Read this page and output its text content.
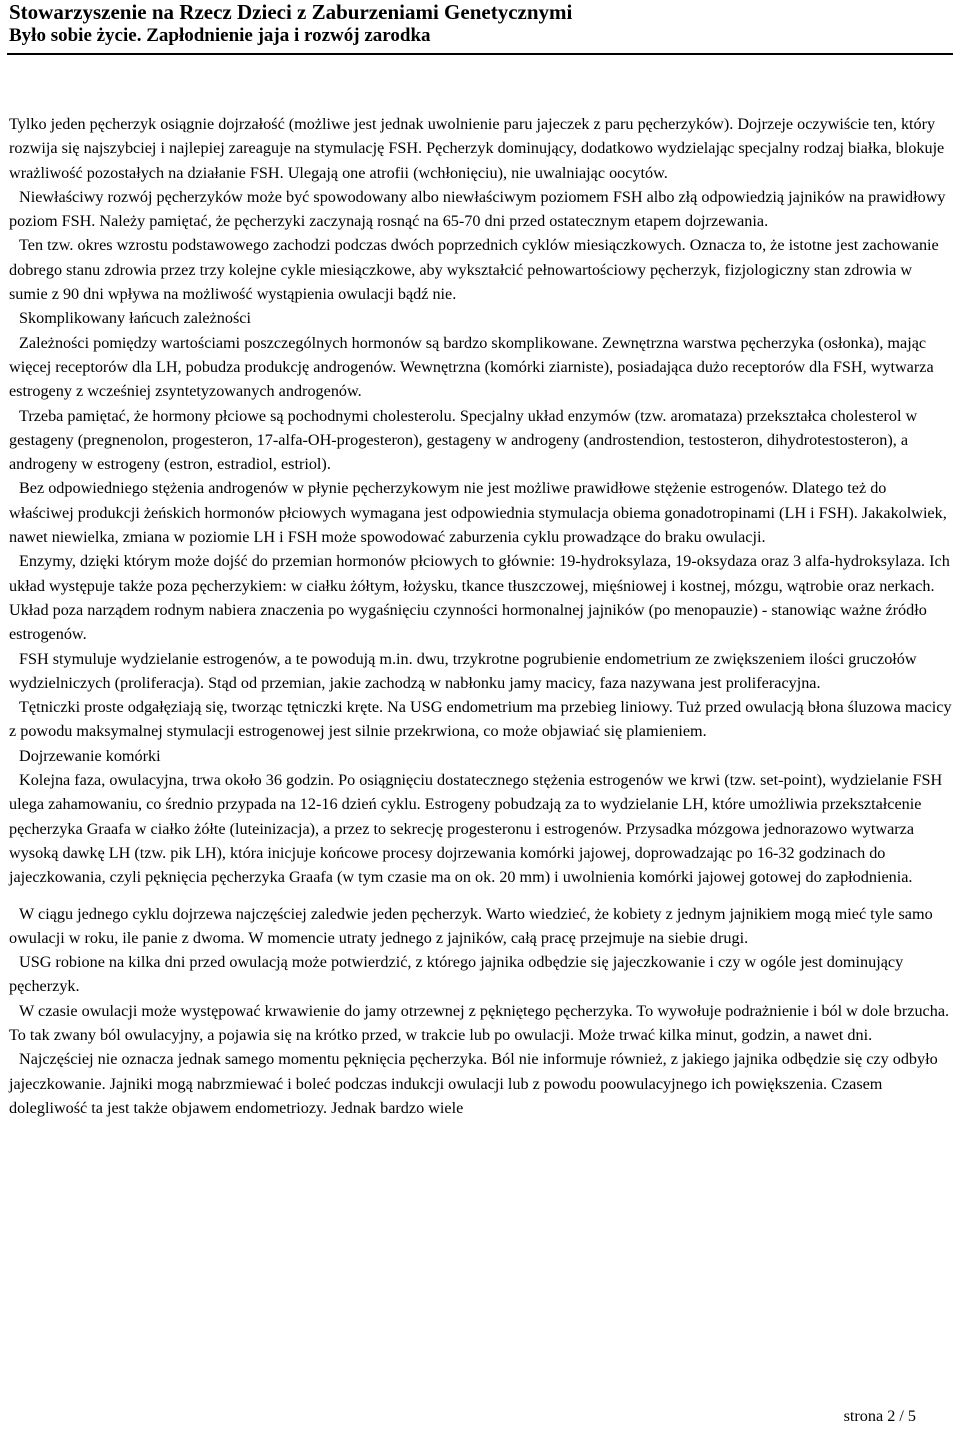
Stowarzyszenie na Rzecz Dzieci z Zaburzeniami Genetycznymi
Było sobie życie. Zapłodnienie jaja i rozwój zarodka

Tylko jeden pęcherzyk osiągnie dojrzałość (możliwe jest jednak uwolnienie paru jajeczek z paru pęcherzyków). Dojrzeje oczywiście ten, który rozwija się najszybciej i najlepiej zareaguje na stymulację FSH. Pęcherzyk dominujący, dodatkowo wydzielając specjalny rodzaj białka, blokuje wrażliwość pozostałych na działanie FSH. Ulegają one atrofii (wchłonięciu), nie uwalniając oocytów.

Niewłaściwy rozwój pęcherzyków może być spowodowany albo niewłaściwym poziomem FSH albo złą odpowiedzią jajników na prawidłowy poziom FSH. Należy pamiętać, że pęcherzyki zaczynają rosnąć na 65-70 dni przed ostatecznym etapem dojrzewania.

Ten tzw. okres wzrostu podstawowego zachodzi podczas dwóch poprzednich cyklów miesiączkowych. Oznacza to, że istotne jest zachowanie dobrego stanu zdrowia przez trzy kolejne cykle miesiączkowe, aby wykształcić pełnowartościowy pęcherzyk, fizjologiczny stan zdrowia w sumie z 90 dni wpływa na możliwość wystąpienia owulacji bądź nie.

Skomplikowany łańcuch zależności

Zależności pomiędzy wartościami poszczególnych hormonów są bardzo skomplikowane. Zewnętrzna warstwa pęcherzyka (osłonka), mając więcej receptorów dla LH, pobudza produkcję androgenów. Wewnętrzna (komórki ziarniste), posiadająca dużo receptorów dla FSH, wytwarza estrogeny z wcześniej zsyntetyzowanych androgenów.

Trzeba pamiętać, że hormony płciowe są pochodnymi cholesterolu. Specjalny układ enzymów (tzw. aromataza) przekształca cholesterol w gestageny (pregnenolon, progesteron, 17-alfa-OH-progesteron), gestageny w androgeny (androstendion, testosteron, dihydrotestosteron), a androgeny w estrogeny (estron, estradiol, estriol).

Bez odpowiedniego stężenia androgenów w płynie pęcherzykowym nie jest możliwe prawidłowe stężenie estrogenów. Dlatego też do właściwej produkcji żeńskich hormonów płciowych wymagana jest odpowiednia stymulacja obiema gonadotropinami (LH i FSH). Jakakolwiek, nawet niewielka, zmiana w poziomie LH i FSH może spowodować zaburzenia cyklu prowadzące do braku owulacji.

Enzymy, dzięki którym może dojść do przemian hormonów płciowych to głównie: 19-hydroksylaza, 19-oksydaza oraz 3 alfa-hydroksylaza. Ich układ występuje także poza pęcherzykiem: w ciałku żółtym, łożysku, tkance tłuszczowej, mięśniowej i kostnej, mózgu, wątrobie oraz nerkach. Układ poza narządem rodnym nabiera znaczenia po wygaśnięciu czynności hormonalnej jajników (po menopauzie) - stanowiąc ważne źródło estrogenów.

FSH stymuluje wydzielanie estrogenów, a te powodują m.in. dwu, trzykrotne pogrubienie endometrium ze zwiększeniem ilości gruczołów wydzielniczych (proliferacja). Stąd od przemian, jakie zachodzą w nabłonku jamy macicy, faza nazywana jest proliferacyjna.

Tętniczki proste odgałęziają się, tworząc tętniczki kręte. Na USG endometrium ma przebieg liniowy. Tuż przed owulacją błona śluzowa macicy z powodu maksymalnej stymulacji estrogenowej jest silnie przekrwiona, co może objawiać się plamieniem.

Dojrzewanie komórki

Kolejna faza, owulacyjna, trwa około 36 godzin. Po osiągnięciu dostatecznego stężenia estrogenów we krwi (tzw. set-point), wydzielanie FSH ulega zahamowaniu, co średnio przypada na 12-16 dzień cyklu. Estrogeny pobudzają za to wydzielanie LH, które umożliwia przekształcenie pęcherzyka Graafa w ciałko żółte (luteinizacja), a przez to sekrecję progesteronu i estrogenów. Przysadka mózgowa jednorazowo wytwarza wysoką dawkę LH (tzw. pik LH), która inicjuje końcowe procesy dojrzewania komórki jajowej, doprowadzając po 16-32 godzinach do jajeczkowania, czyli pęknięcia pęcherzyka Graafa (w tym czasie ma on ok. 20 mm) i uwolnienia komórki jajowej gotowej do zapłodnienia.

W ciągu jednego cyklu dojrzewa najczęściej zaledwie jeden pęcherzyk. Warto wiedzieć, że kobiety z jednym jajnikiem mogą mieć tyle samo owulacji w roku, ile panie z dwoma. W momencie utraty jednego z jajników, całą pracę przejmuje na siebie drugi.

USG robione na kilka dni przed owulacją może potwierdzić, z którego jajnika odbędzie się jajeczkowanie i czy w ogóle jest dominujący pęcherzyk.

W czasie owulacji może występować krwawienie do jamy otrzewnej z pękniętego pęcherzyka. To wywołuje podrażnienie i ból w dole brzucha. To tak zwany ból owulacyjny, a pojawia się na krótko przed, w trakcie lub po owulacji. Może trwać kilka minut, godzin, a nawet dni.

Najczęściej nie oznacza jednak samego momentu pęknięcia pęcherzyka. Ból nie informuje również, z jakiego jajnika odbędzie się czy odbyło jajeczkowanie. Jajniki mogą nabrzmiewać i boleć podczas indukcji owulacji lub z powodu poowulacyjnego ich powiększenia. Czasem dolegliwość ta jest także objawem endometriozy. Jednak bardzo wiele

strona 2 / 5
